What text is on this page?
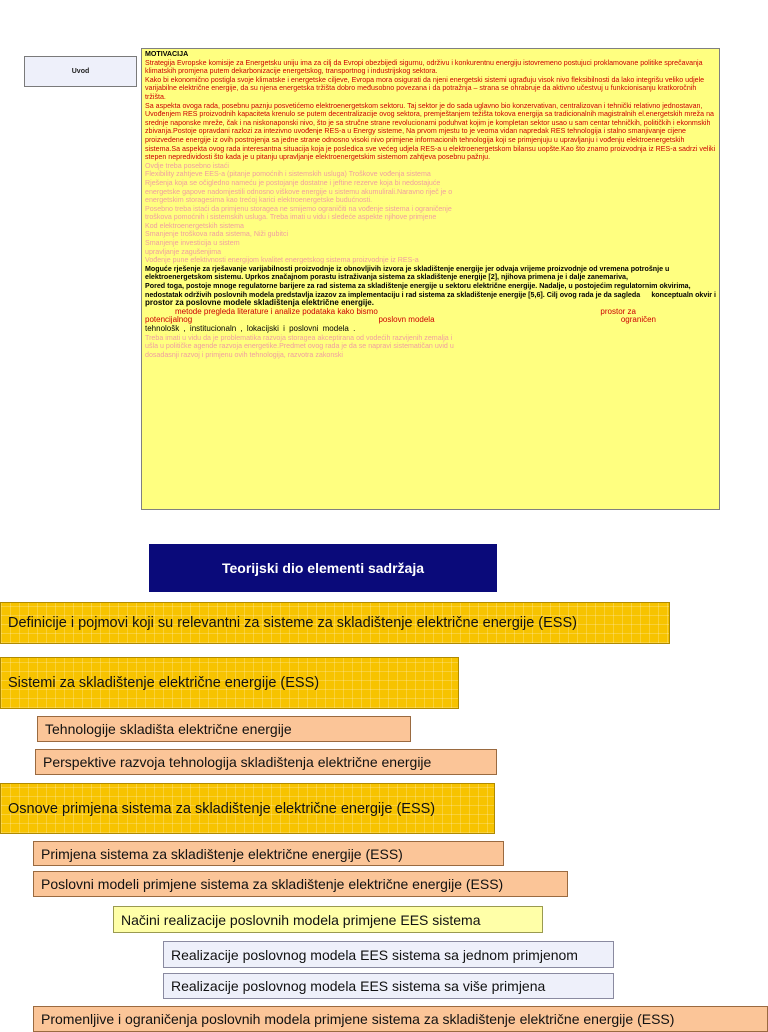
Uvod

MOTIVACIJA

Strategija Evropske komisije za Energetsku uniju ima za cilj da Evropi obezbijedi sigurnu, održivu i konkurentnu energiju istovremeno postujuci proklamovane politike sprečavanja klimatskih promjena putem dekarbonizacije energetskog, transportnog i industrijskog sektora.

Kako bi ekonomično postigla svoje klimatske i energetske ciljeve, Evropa mora osigurati da njeni energetski sistemi ugrađuju visok nivo fleksibilnosti da lako integrišu veliko udjele varijabilne električne energije, da su njena energetska tržišta dobro međusobno povezana i da potražnja – strana se ohrabruje da aktivno učestvuj u funkcionisanju kratkoročnih tržišta.

Sa aspekta ovoga rada, posebnu paznju posvetićemo elektroenergetskom sektoru. Taj sektor je do sada uglavno bio konzervativan, centralizovan i tehnički relativno jednostavan,

Uvođenjem RES proizvodnih kapaciteta krenulo se putem decentralizacije ovog sektora, premještanjem težišta tokova energija sa tradicionalnih magistralnih el.energetskih mreža na srednje naponske mreže, čak i na niskonaponski nivo, što je sa stručne strane revolucionarni poduhvat kojim je kompletan sektor usao u sam centar tehničkih, političkih i ekonmskih zbivanja.Postoje opravdani razlozi za intezivno uvođenje RES-a u Energy sisteme, Na prvom mjestu to je veoma vidan napredak RES tehnologija i stalno smanjivanje cijene proizvedene energije iz ovih postrojenja sa jedne strane odnosno visoki nivo primjene informacionih tehnologija koji se primjenjuju u upravljanju i vođenju elektroenergetskih sistema.Sa aspekta ovog rada interesantna situacija koja je posledica sve većeg udjela RES-a u elektroenergetskom bilansu uopšte.Kao što znamo proizvodnja iz RES-a sadrzi veliki stepen nepredividosti što kada je u pitanju upravljanje elektroenergetskim sistemom zahtjeva posebnu pažnju.

Ovdje treba posebno istaći

Flexibility zahtjeve EES-a (pitanje pomoćnih i sistemskih usluga) Troškove vođenja sistema

Rješenja koja se očigledno nameću je postojanje dostatne i jeftine rezerve koja bi nedostajuće

energetske gapove nadomjestili odnosno viškove energije u sistemu akumulirali.Naravno riječ je o

energetskim storagesima kao trećoj karici elektroenergetske budućnosti.

Posebno treba istaći da primjenu storagea ne smijemo ograničiti na vođenje sistema i ograničenje

troškova pomoćnih i sistemskih usluga. Treba imati u vidu i sledeće aspekte njihove primjene

Kod elektroenergetskih sistema

Smanjenje troškova rada sistema, Niži gubitci

Smanjenje investicija u sistem

upravljanje zagušenjima

Vođenje pune efektivnosti energijom kvalitet energetskog sistema proizvodnje iz RES-a

Moguće rješenje za rješavanje varijabilnosti proizvodnje iz obnovljivih izvora je skladištenje energije jer odvaja vrijeme proizvodnje od vremena potrošnje u elektroenergetskom sistemu. Uprkos značajnom porastu istraživanja sistema za skladištenje energije [2], njihova primena je i dalje zanemariva,

Pored toga, postoje mnoge regulatorne barijere za rad sistema za skladištenje energije u sektoru električne energije. Nadalje, u postojećim regulatornim okvirima, nedostatak održivih poslovnih modela predstavlja izazov za implementaciju i rad sistema za skladištenje energije [5,6]. Cilj ovog rada je da sagleda konceptualn okvir i

prostor za poslovne modele skladištenja električne energije.

metode pregleda literature i analize podataka kako bismo	prostor za

potencijalnog	poslovn modela	ograničen

tehnološk , institucionaln , lokacijski i poslovni modela .

Treba imati u vidu da je problematika razvoja storagea akceptirana od vodećih razvijenih zemalja i

ušla u političke agende razvoja energetike.Predmet ovog rada je da se napravi sistematičan uvid u

dosadasnji razvoj i primjenu ovih tehnologija, razvotra zakonski

Teorijski dio elementi sadržaja
Definicije i pojmovi koji su relevantni za sisteme za skladištenje električne energije (ESS)
Sistemi za skladištenje električne energije (ESS)
Tehnologije skladišta električne energije
Perspektive razvoja tehnologija skladištenja električne energije
Osnove primjena sistema za skladištenje električne energije (ESS)
Primjena sistema za skladištenje električne energije (ESS)
Poslovni modeli primjene sistema za skladištenje električne energije (ESS)
Načini realizacije poslovnih modela primjene EES sistema
Realizacije poslovnog modela EES sistema sa jednom primjenom
Realizacije poslovnog modela EES sistema sa više primjena
Promenljive i ograničenja poslovnih modela primjene sistema za skladištenje električne energije (ESS)
